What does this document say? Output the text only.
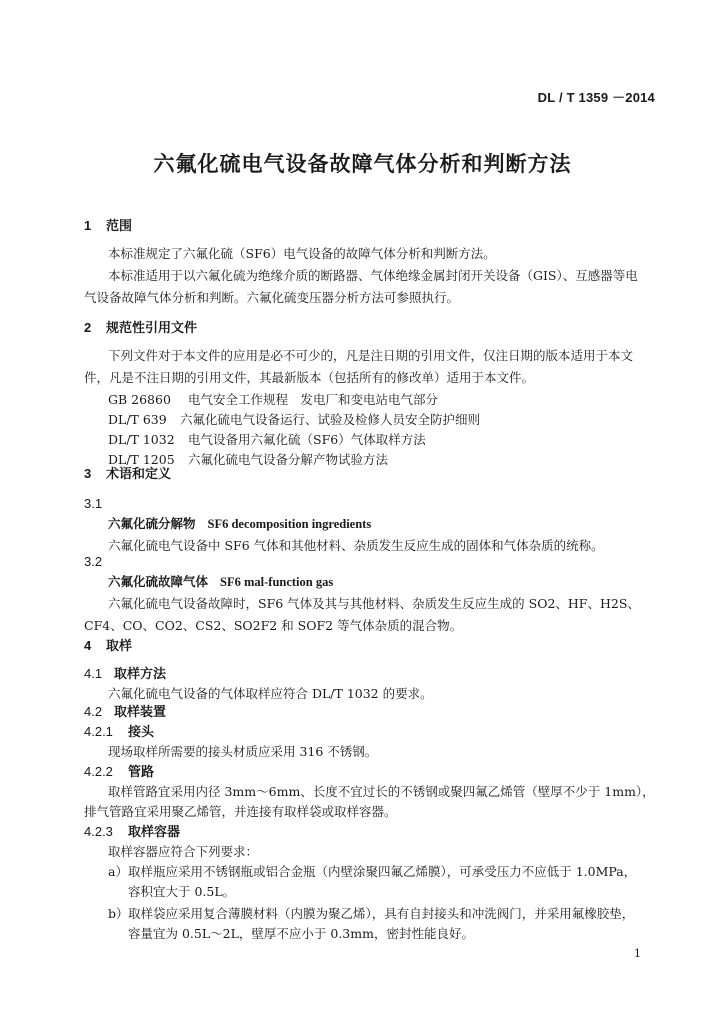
DL / T 1359 －2014
六氟化硫电气设备故障气体分析和判断方法
1 范围
本标准规定了六氟化硫（SF6）电气设备的故障气体分析和判断方法。
本标准适用于以六氟化硫为绝缘介质的断路器、气体绝缘金属封闭开关设备（GIS）、互感器等电
气设备故障气体分析和判断。六氟化硫变压器分析方法可参照执行。
2 规范性引用文件
下列文件对于本文件的应用是必不可少的，凡是注日期的引用文件，仅注日期的版本适用于本文
件，凡是不注日期的引用文件，其最新版本（包括所有的修改单）适用于本文件。
GB 26860 电气安全工作规程　发电厂和变电站电气部分
DL/T 639 六氟化硫电气设备运行、试验及检修人员安全防护细则
DL/T 1032 电气设备用六氟化硫（SF6）气体取样方法
DL/T 1205 六氟化硫电气设备分解产物试验方法
3 术语和定义
3.1
六氟化硫分解物 SF6 decomposition ingredients
六氟化硫电气设备中 SF6 气体和其他材料、杂质发生反应生成的固体和气体杂质的统称。
3.2
六氟化硫故障气体 SF6 mal-function gas
六氟化硫电气设备故障时，SF6 气体及其与其他材料、杂质发生反应生成的 SO2、HF、H2S、
CF4、CO、CO2、CS2、SO2F2 和 SOF2 等气体杂质的混合物。
4 取样
4.1 取样方法
六氟化硫电气设备的气体取样应符合 DL/T 1032 的要求。
4.2 取样装置
4.2.1 接头
现场取样所需要的接头材质应采用 316 不锈钢。
4.2.2 管路
取样管路宜采用内径 3mm～6mm、长度不宜过长的不锈钢或聚四氟乙烯管（壁厚不少于 1mm），
排气管路宜采用聚乙烯管，并连接有取样袋或取样容器。
4.2.3 取样容器
取样容器应符合下列要求：
a）取样瓶应采用不锈钢瓶或铝合金瓶（内壁涂聚四氟乙烯膜），可承受压力不应低于 1.0MPa，
容积宜大于 0.5L。
b）取样袋应采用复合薄膜材料（内膜为聚乙烯），具有自封接头和冲洗阀门，并采用氟橡胶垫，
容量宜为 0.5L～2L，壁厚不应小于 0.3mm，密封性能良好。
1
